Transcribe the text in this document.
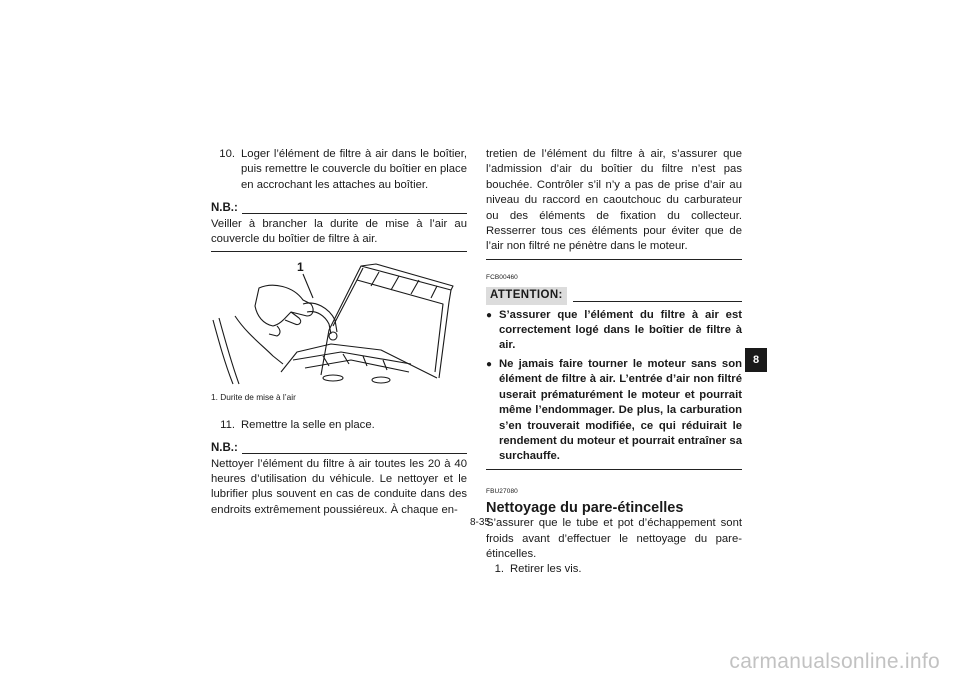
10. Loger l’élément de filtre à air dans le boîtier, puis remettre le couvercle du boîtier en place en accrochant les attaches au boîtier.
N.B.:
Veiller à brancher la durite de mise à l’air au couvercle du boîtier de filtre à air.
1
1. Durite de mise à l’air
11. Remettre la selle en place.
N.B.:
Nettoyer l’élément du filtre à air toutes les 20 à 40 heures d’utilisation du véhicule. Le nettoyer et le lubrifier plus souvent en cas de conduite dans des endroits extrêmement poussiéreux. À chaque en-
tretien de l’élément du filtre à air, s’assurer que l’admission d’air du boîtier du filtre n’est pas bouchée. Contrôler s’il n’y a pas de prise d’air au niveau du raccord en caoutchouc du carburateur ou des éléments de fixation du collecteur. Resserrer tous ces éléments pour éviter que de l’air non filtré ne pénètre dans le moteur.
FCB00460
ATTENTION:
● S’assurer que l’élément du filtre à air est correctement logé dans le boîtier de filtre à air.
● Ne jamais faire tourner le moteur sans son élément de filtre à air. L’entrée d’air non filtré userait prématurément le moteur et pourrait même l’endommager. De plus, la carburation s’en trouverait modifiée, ce qui réduirait le rendement du moteur et pourrait entraîner sa surchauffe.
FBU27080
Nettoyage du pare-étincelles
S’assurer que le tube et pot d’échappement sont froids avant d’effectuer le nettoyage du pare-étincelles.
1. Retirer les vis.
8-35
8
carmanualsonline.info
